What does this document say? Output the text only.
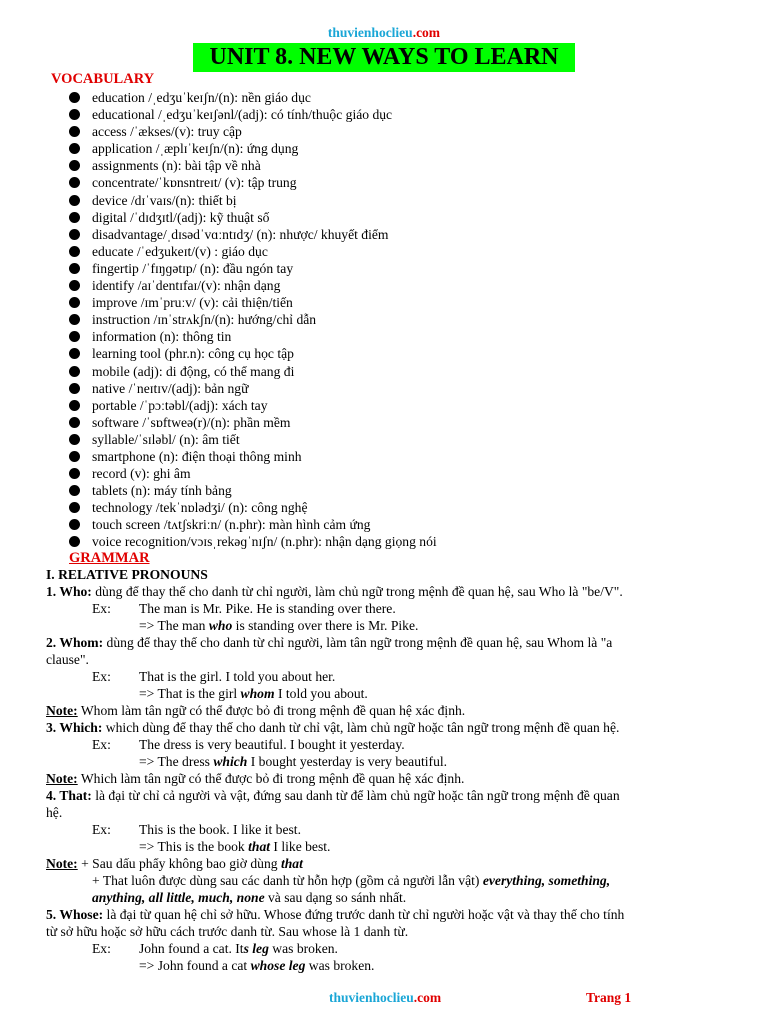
thuvienhoclieu.com
UNIT 8. NEW WAYS TO LEARN
VOCABULARY
education /ˌedʒuˈkeɪʃn/(n): nền giáo dục
educational /ˌedʒuˈkeɪʃənl/(adj): có tính/thuộc giáo dục
access /ˈækses/(v): truy cập
application /ˌæplɪˈkeɪʃn/(n): ứng dụng
assignments (n): bài tập về nhà
concentrate/ˈkɒnsntreɪt/ (v): tập trung
device /dɪˈvaɪs/(n): thiết bị
digital /ˈdɪdʒɪtl/(adj): kỹ thuật số
disadvantage/ˌdɪsədˈvɑːntɪdʒ/ (n): nhược/ khuyết điểm
educate /ˈedʒukeɪt/(v) : giáo dục
fingertip /ˈfɪŋɡətɪp/ (n): đầu ngón tay
identify /aɪˈdentɪfaɪ/(v): nhận dạng
improve /ɪmˈpruːv/ (v): cải thiện/tiến
instruction /ɪnˈstrʌkʃn/(n): hướng/chỉ dẫn
information (n): thông tin
learning tool (phr.n): công cụ học tập
mobile (adj): di động, có thể mang đi
native /ˈneɪtɪv/(adj): bản ngữ
portable /ˈpɔːtəbl/(adj): xách tay
software /ˈsɒftweə(r)/(n): phần mềm
syllable/ˈsɪləbl/ (n): âm tiết
smartphone (n): điện thoại thông minh
record (v): ghi âm
tablets (n): máy tính bảng
technology /tekˈnɒlədʒi/ (n): công nghệ
touch screen /tʌtʃskriːn/ (n.phr): màn hình cảm ứng
voice recognition/vɔɪsˌrekəɡˈnɪʃn/ (n.phr): nhận dạng giọng nói
GRAMMAR
I. RELATIVE PRONOUNS
1. Who: dùng để thay thế cho danh từ chỉ người, làm chủ ngữ trong mệnh đề quan hệ, sau Who là "be/V".
Ex: The man is Mr. Pike. He is standing over there.
=> The man who is standing over there is Mr. Pike.
2. Whom: dùng để thay thế cho danh từ chỉ người, làm tân ngữ trong mệnh đề quan hệ, sau Whom là "a
clause".
Ex: That is the girl. I told you about her.
=> That is the girl whom I told you about.
Note: Whom làm tân ngữ có thể được bỏ đi trong mệnh đề quan hệ xác định.
3. Which: which dùng để thay thế cho danh từ chỉ vật, làm chủ ngữ hoặc tân ngữ trong mệnh đề quan hệ.
Ex: The dress is very beautiful. I bought it yesterday.
=> The dress which I bought yesterday is very beautiful.
Note: Which làm tân ngữ có thể được bỏ đi trong mệnh đề quan hệ xác định.
4. That: là đại từ chỉ cả người và vật, đứng sau danh từ để làm chủ ngữ hoặc tân ngữ trong mệnh đề quan
hệ.
Ex: This is the book. I like it best.
=> This is the book that I like best.
Note: + Sau dấu phẩy không bao giờ dùng that
+ That luôn được dùng sau các danh từ hỗn hợp (gồm cả người lẫn vật) everything, something,
anything, all little, much, none và sau dạng so sánh nhất.
5. Whose: là đại từ quan hệ chỉ sở hữu. Whose đứng trước danh từ chỉ người hoặc vật và thay thế cho tính
từ sở hữu hoặc sở hữu cách trước danh từ. Sau whose là 1 danh từ.
Ex: John found a cat. Its leg was broken.
=> John found a cat whose leg was broken.
thuvienhoclieu.com	Trang 1
